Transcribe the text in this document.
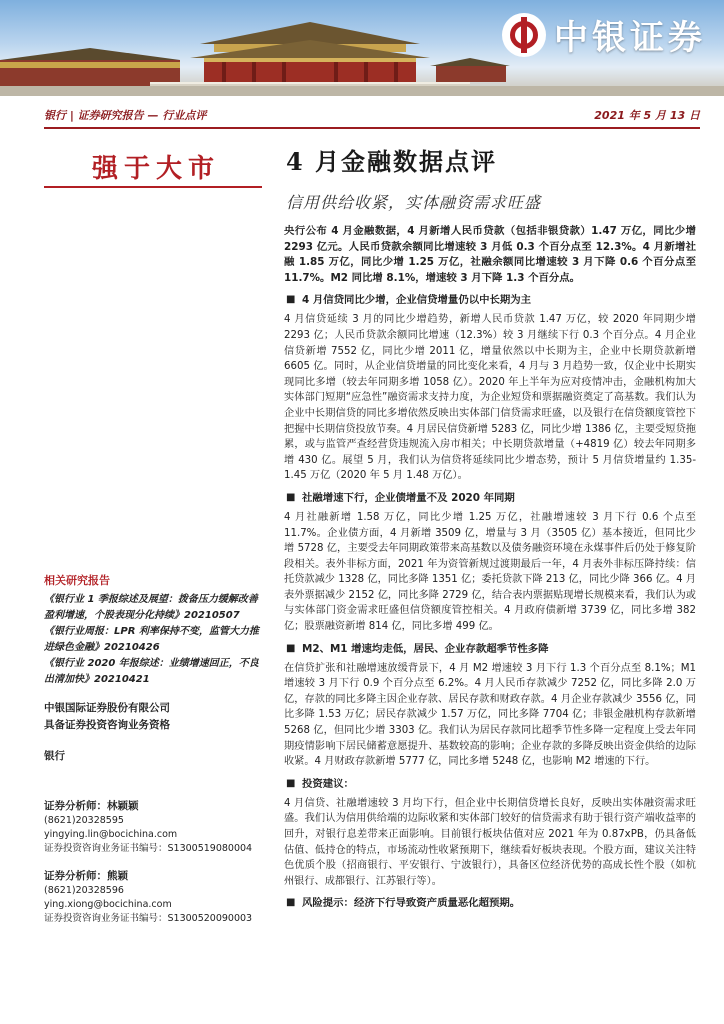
中银证券
银行 | 证券研究报告 — 行业点评	2021 年 5 月 13 日
强于大市
相关研究报告
《银行业 1 季报综述及展望：拨备压力缓解改善盈利增速，个股表现分化持续》20210507
《银行业周报：LPR 利率保持不变，监管大力推进绿色金融》20210426
《银行业 2020 年报综述：业绩增速回正，不良出清加快》20210421
中银国际证券股份有限公司
具备证券投资咨询业务资格
银行
证券分析师：林颖颖
(8621)20328595
yingying.lin@bocichina.com
证券投资咨询业务证书编号：S1300519080004
证券分析师：熊颖
(8621)20328596
ying.xiong@bocichina.com
证券投资咨询业务证书编号：S1300520090003
4 月金融数据点评
信用供给收紧，实体融资需求旺盛
央行公布 4 月金融数据，4 月新增人民币贷款（包括非银贷款）1.47 万亿，同比少增 2293 亿元。人民币贷款余额同比增速较 3 月低 0.3 个百分点至 12.3%。4 月新增社融 1.85 万亿，同比少增 1.25 万亿，社融余额同比增速较 3 月下降 0.6 个百分点至 11.7%。M2 同比增 8.1%，增速较 3 月下降 1.3 个百分点。
■ 4 月信贷同比少增，企业信贷增量仍以中长期为主
4 月信贷延续 3 月的同比少增趋势，新增人民币贷款 1.47 万亿，较 2020 年同期少增 2293 亿；人民币贷款余额同比增速（12.3%）较 3 月继续下行 0.3 个百分点。4 月企业信贷新增 7552 亿，同比少增 2011 亿，增量依然以中长期为主，企业中长期贷款新增 6605 亿。同时，从企业信贷增量的同比变化来看，4 月与 3 月趋势一致，仅企业中长期实现同比多增（较去年同期多增 1058 亿）。2020 年上半年为应对疫情冲击，金融机构加大实体部门短期“应急性”融资需求支持力度，为企业短贷和票据融资奠定了高基数。我们认为企业中长期信贷的同比多增依然反映出实体部门信贷需求旺盛，以及银行在信贷额度管控下把握中长期信贷投放节奏。4 月居民信贷新增 5283 亿，同比少增 1386 亿，主要受短贷拖累，或与监管严查经营贷违规流入房市相关；中长期贷款增量（+4819 亿）较去年同期多增 430 亿。展望 5 月，我们认为信贷将延续同比少增态势，预计 5 月信贷增量约 1.35-1.45 万亿（2020 年 5 月 1.48 万亿）。
■ 社融增速下行，企业债增量不及 2020 年同期
4 月社融新增 1.58 万亿，同比少增 1.25 万亿，社融增速较 3 月下行 0.6 个点至 11.7%。企业债方面，4 月新增 3509 亿，增量与 3 月（3505 亿）基本接近，但同比少增 5728 亿，主要受去年同期政策带来高基数以及债务融资环境在永煤事件后仍处于修复阶段相关。表外非标方面，2021 年为资管新规过渡期最后一年，4 月表外非标压降持续：信托贷款减少 1328 亿，同比多降 1351 亿；委托贷款下降 213 亿，同比少降 366 亿。4 月表外票据减少 2152 亿，同比多降 2729 亿，结合表内票据贴现增长规模来看，我们认为或与实体部门资金需求旺盛但信贷额度管控相关。4 月政府债新增 3739 亿，同比多增 382 亿；股票融资新增 814 亿，同比多增 499 亿。
■ M2、M1 增速均走低，居民、企业存款超季节性多降
在信贷扩张和社融增速放缓背景下，4 月 M2 增速较 3 月下行 1.3 个百分点至 8.1%；M1 增速较 3 月下行 0.9 个百分点至 6.2%。4 月人民币存款减少 7252 亿，同比多降 2.0 万亿，存款的同比多降主因企业存款、居民存款和财政存款。4 月企业存款减少 3556 亿，同比多降 1.53 万亿；居民存款减少 1.57 万亿，同比多降 7704 亿；非银金融机构存款新增 5268 亿，但同比少增 3303 亿。我们认为居民存款同比超季节性多降一定程度上受去年同期疫情影响下居民储蓄意愿提升、基数较高的影响；企业存款的多降反映出资金供给的边际收紧。4 月财政存款新增 5777 亿，同比多增 5248 亿，也影响 M2 增速的下行。
■ 投资建议：
4 月信贷、社融增速较 3 月均下行，但企业中长期信贷增长良好，反映出实体融资需求旺盛。我们认为信用供给端的边际收紧和实体部门较好的信贷需求有助于银行资产端收益率的回升，对银行息差带来正面影响。目前银行板块估值对应 2021 年为 0.87xPB，仍具备低估值、低持仓的特点，市场流动性收紧预期下，继续看好板块表现。个股方面，建议关注特色优质个股（招商银行、平安银行、宁波银行），具备区位经济优势的高成长性个股（如杭州银行、成都银行、江苏银行等）。
■ 风险提示：经济下行导致资产质量恶化超预期。
